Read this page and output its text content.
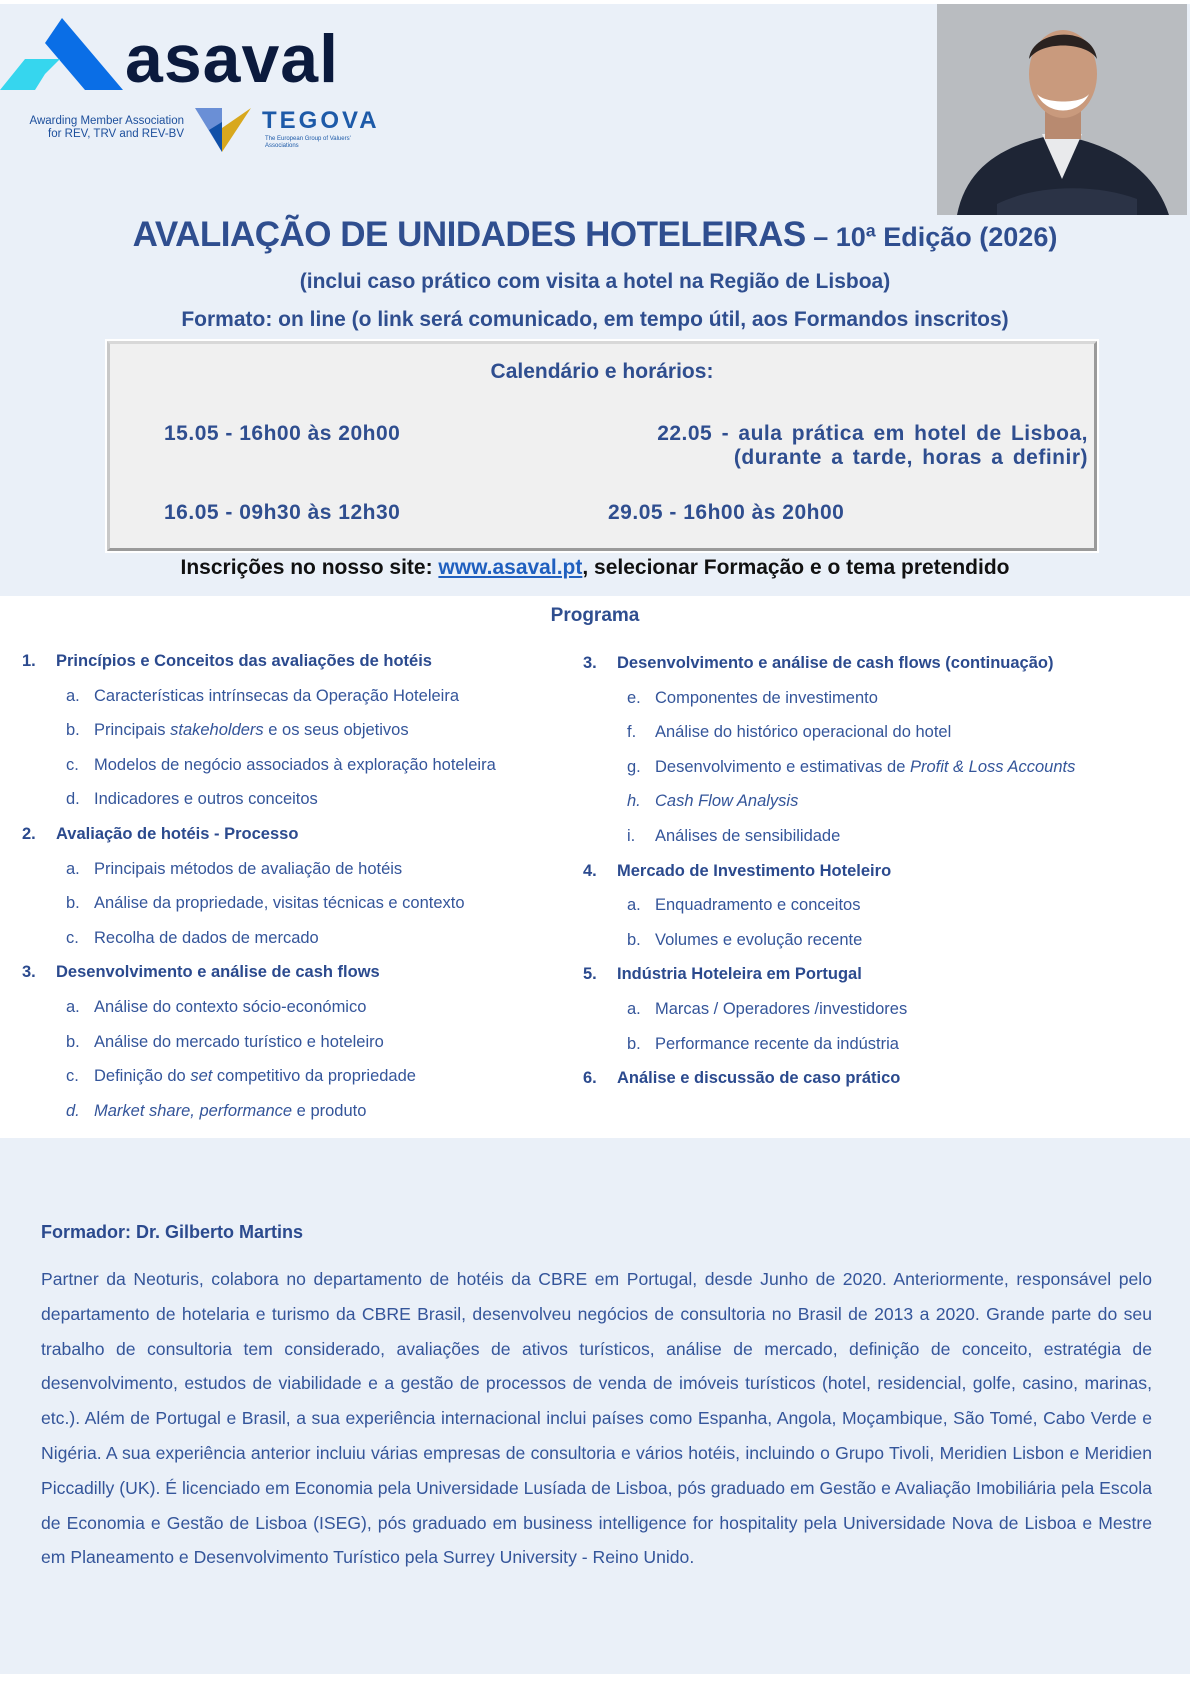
asaval
Awarding Member Association
for REV, TRV and REV-BV	TEGOVA
The European Group of Valuers' Associations
AVALIAÇÃO DE UNIDADES HOTELEIRAS – 10ª Edição (2026)
(inclui caso prático com visita a hotel na Região de Lisboa)
Formato: on line (o link será comunicado, em tempo útil, aos Formandos inscritos)
Calendário e horários:
15.05 - 16h00 às 20h00
16.05 - 09h30 às 12h30
22.05 - aula prática em hotel de Lisboa,
(durante a tarde, horas a definir)
29.05 - 16h00 às 20h00
Inscrições no nosso site: www.asaval.pt, selecionar Formação e o tema pretendido
Programa
1. Princípios e Conceitos das avaliações de hotéis
a. Características intrínsecas da Operação Hoteleira
b. Principais stakeholders e os seus objetivos
c. Modelos de negócio associados à exploração hoteleira
d. Indicadores e outros conceitos
2. Avaliação de hotéis - Processo
a. Principais métodos de avaliação de hotéis
b. Análise da propriedade, visitas técnicas e contexto
c. Recolha de dados de mercado
3. Desenvolvimento e análise de cash flows
a. Análise do contexto sócio-económico
b. Análise do mercado turístico e hoteleiro
c. Definição do set competitivo da propriedade
d. Market share, performance e produto
3. Desenvolvimento e análise de cash flows (continuação)
e. Componentes de investimento
f. Análise do histórico operacional do hotel
g. Desenvolvimento e estimativas de Profit & Loss Accounts
h. Cash Flow Analysis
i. Análises de sensibilidade
4. Mercado de Investimento Hoteleiro
a. Enquadramento e conceitos
b. Volumes e evolução recente
5. Indústria Hoteleira em Portugal
a. Marcas / Operadores /investidores
b. Performance recente da indústria
6. Análise e discussão de caso prático
Formador: Dr. Gilberto Martins
Partner da Neoturis, colabora no departamento de hotéis da CBRE em Portugal, desde Junho de 2020. Anteriormente, responsável pelo departamento de hotelaria e turismo da CBRE Brasil, desenvolveu negócios de consultoria no Brasil de 2013 a 2020. Grande parte do seu trabalho de consultoria tem considerado, avaliações de ativos turísticos, análise de mercado, definição de conceito, estratégia de desenvolvimento, estudos de viabilidade e a gestão de processos de venda de imóveis turísticos (hotel, residencial, golfe, casino, marinas, etc.). Além de Portugal e Brasil, a sua experiência internacional inclui países como Espanha, Angola, Moçambique, São Tomé, Cabo Verde e Nigéria. A sua experiência anterior incluiu várias empresas de consultoria e vários hotéis, incluindo o Grupo Tivoli, Meridien Lisbon e Meridien Piccadilly (UK). É licenciado em Economia pela Universidade Lusíada de Lisboa, pós graduado em Gestão e Avaliação Imobiliária pela Escola de Economia e Gestão de Lisboa (ISEG), pós graduado em business intelligence for hospitality pela Universidade Nova de Lisboa e Mestre em Planeamento e Desenvolvimento Turístico pela Surrey University - Reino Unido.
